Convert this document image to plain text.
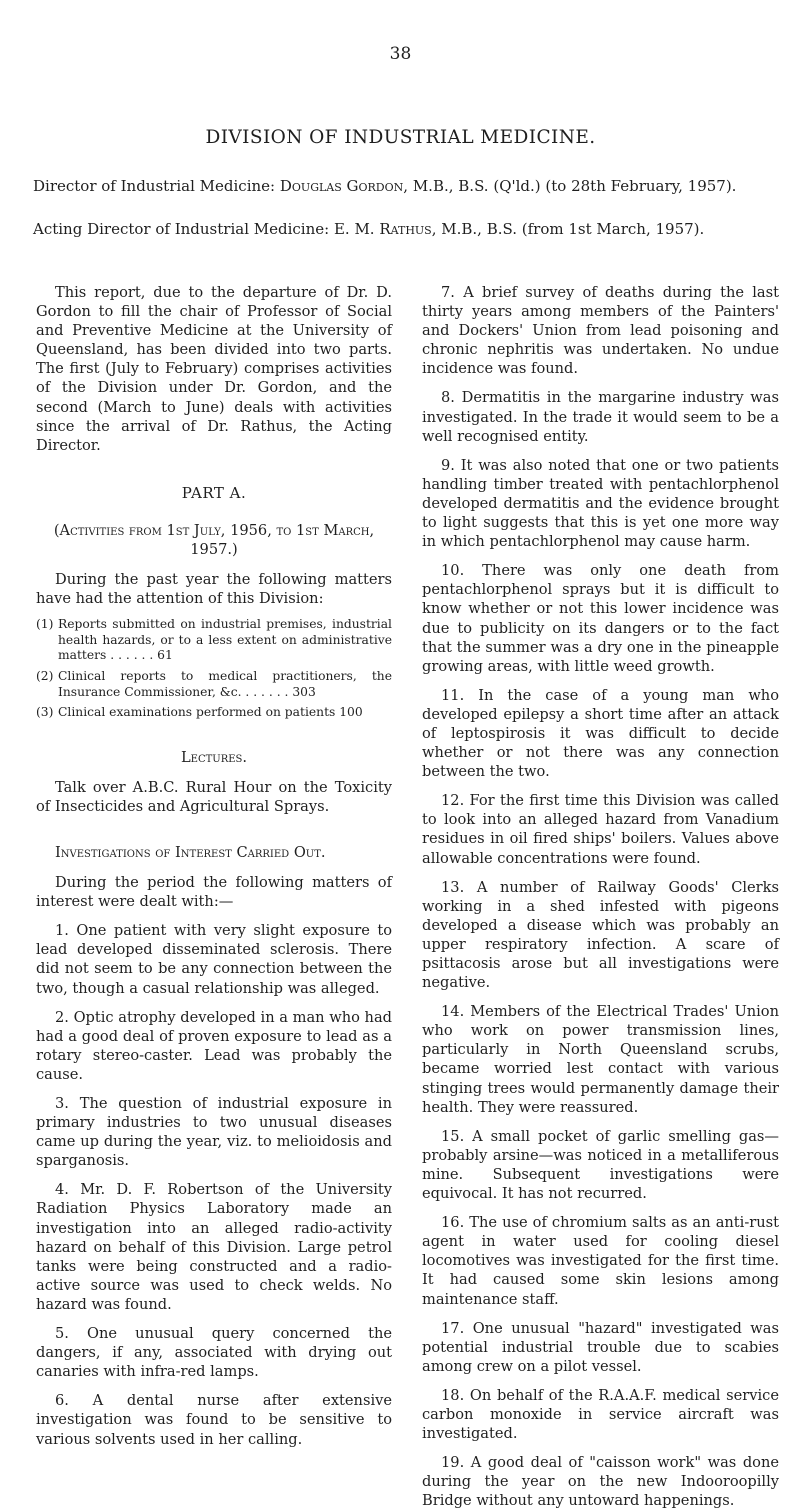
38
DIVISION OF INDUSTRIAL MEDICINE.
Director of Industrial Medicine: Douglas Gordon, M.B., B.S. (Q'ld.) (to 28th February, 1957).
Acting Director of Industrial Medicine: E. M. Rathus, M.B., B.S. (from 1st March, 1957).

This report, due to the departure of Dr. D. Gordon to fill the chair of Professor of Social and Preventive Medicine at the University of Queensland, has been divided into two parts. The first (July to February) comprises activities of the Division under Dr. Gordon, and the second (March to June) deals with activities since the arrival of Dr. Rathus, the Acting Director.

PART A.

(Activities from 1st July, 1956, to 1st March, 1957.)

During the past year the following matters have had the attention of this Division:

(1) Reports submitted on industrial premises, industrial health hazards, or to a less extent on administrative matters . . . . . . 61
(2) Clinical reports to medical practitioners, the Insurance Commissioner, &c. . . . . . . 303
(3) Clinical examinations performed on patients 100

Lectures.

Talk over A.B.C. Rural Hour on the Toxicity of Insecticides and Agricultural Sprays.

Investigations of Interest Carried Out.

During the period the following matters of interest were dealt with:—

1. One patient with very slight exposure to lead developed disseminated sclerosis. There did not seem to be any connection between the two, though a casual relationship was alleged.

2. Optic atrophy developed in a man who had had a good deal of proven exposure to lead as a rotary stereo-caster. Lead was probably the cause.

3. The question of industrial exposure in primary industries to two unusual diseases came up during the year, viz. to melioidosis and sparganosis.

4. Mr. D. F. Robertson of the University Radiation Physics Laboratory made an investigation into an alleged radio-activity hazard on behalf of this Division. Large petrol tanks were being constructed and a radio-active source was used to check welds. No hazard was found.

5. One unusual query concerned the dangers, if any, associated with drying out canaries with infra-red lamps.

6. A dental nurse after extensive investigation was found to be sensitive to various solvents used in her calling.

7. A brief survey of deaths during the last thirty years among members of the Painters' and Dockers' Union from lead poisoning and chronic nephritis was undertaken. No undue incidence was found.

8. Dermatitis in the margarine industry was investigated. In the trade it would seem to be a well recognised entity.

9. It was also noted that one or two patients handling timber treated with pentachlorphenol developed dermatitis and the evidence brought to light suggests that this is yet one more way in which pentachlorphenol may cause harm.

10. There was only one death from pentachlorphenol sprays but it is difficult to know whether or not this lower incidence was due to publicity on its dangers or to the fact that the summer was a dry one in the pineapple growing areas, with little weed growth.

11. In the case of a young man who developed epilepsy a short time after an attack of leptospirosis it was difficult to decide whether or not there was any connection between the two.

12. For the first time this Division was called to look into an alleged hazard from Vanadium residues in oil fired ships' boilers. Values above allowable concentrations were found.

13. A number of Railway Goods' Clerks working in a shed infested with pigeons developed a disease which was probably an upper respiratory infection. A scare of psittacosis arose but all investigations were negative.

14. Members of the Electrical Trades' Union who work on power transmission lines, particularly in North Queensland scrubs, became worried lest contact with various stinging trees would permanently damage their health. They were reassured.

15. A small pocket of garlic smelling gas—probably arsine—was noticed in a metalliferous mine. Subsequent investigations were equivocal. It has not recurred.

16. The use of chromium salts as an anti-rust agent in water used for cooling diesel locomotives was investigated for the first time. It had caused some skin lesions among maintenance staff.

17. One unusual "hazard" investigated was potential industrial trouble due to scabies among crew on a pilot vessel.

18. On behalf of the R.A.A.F. medical service carbon monoxide in service aircraft was investigated.

19. A good deal of "caisson work" was done during the year on the new Indooroopilly Bridge without any untoward happenings.
